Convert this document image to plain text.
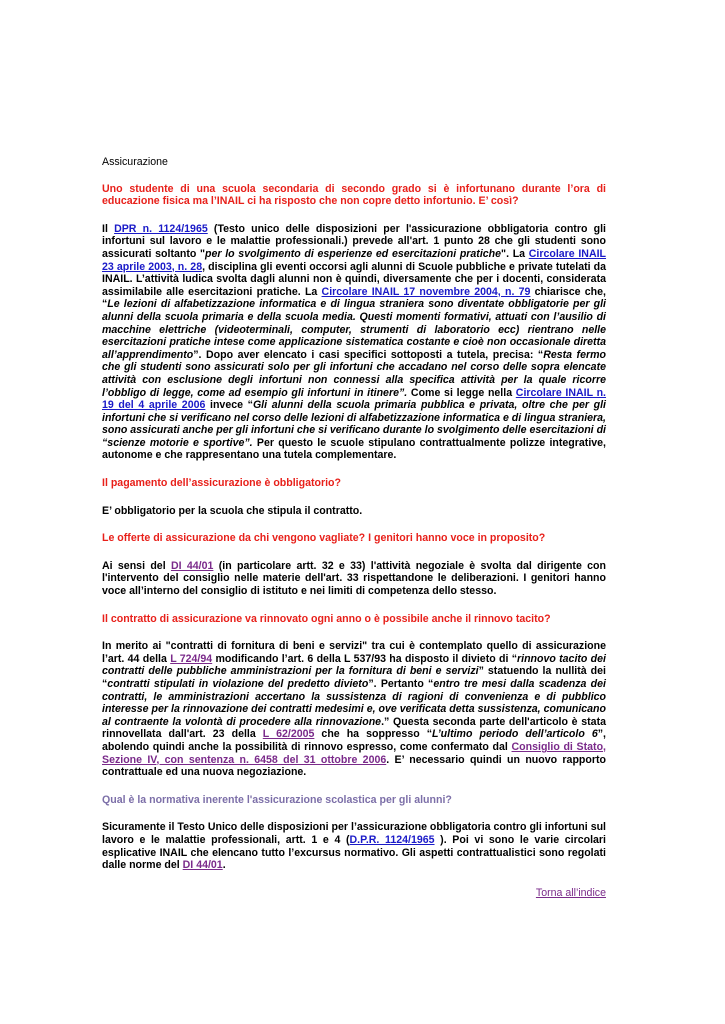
Assicurazione

Uno studente di una scuola secondaria di secondo grado si è infortunano durante l’ora di educazione fisica ma l’INAIL ci ha risposto che non copre detto infortunio. E’ così?

Il DPR n. 1124/1965 (Testo unico delle disposizioni per l'assicurazione obbligatoria contro gli infortuni sul lavoro e le malattie professionali.) prevede all'art. 1 punto 28 che gli studenti sono assicurati soltanto "per lo svolgimento di esperienze ed esercitazioni pratiche". La Circolare INAIL 23 aprile 2003, n. 28, disciplina gli eventi occorsi agli alunni di Scuole pubbliche e private tutelati da INAIL. L’attività ludica svolta dagli alunni non è quindi, diversamente che per i docenti, considerata assimilabile alle esercitazioni pratiche. La Circolare INAIL 17 novembre 2004, n. 79 chiarisce che, “Le lezioni di alfabetizzazione informatica e di lingua straniera sono diventate obbligatorie per gli alunni della scuola primaria e della scuola media. Questi momenti formativi, attuati con l’ausilio di macchine elettriche (videoterminali, computer, strumenti di laboratorio ecc) rientrano nelle esercitazioni pratiche intese come applicazione sistematica costante e cioè non occasionale diretta all’apprendimento”. Dopo aver elencato i casi specifici sottoposti a tutela, precisa: “Resta fermo che gli studenti sono assicurati solo per gli infortuni che accadano nel corso delle sopra elencate attività con esclusione degli infortuni non connessi alla specifica attività per la quale ricorre l’obbligo di legge, come ad esempio gli infortuni in itinere”. Come si legge nella Circolare INAIL n. 19 del 4 aprile 2006 invece “Gli alunni della scuola primaria pubblica e privata, oltre che per gli infortuni che si verificano nel corso delle lezioni di alfabetizzazione informatica e di lingua straniera, sono assicurati anche per gli infortuni che si verificano durante lo svolgimento delle esercitazioni di “scienze motorie e sportive”. Per questo le scuole stipulano contrattualmente polizze integrative, autonome e che rappresentano una tutela complementare.

Il pagamento dell’assicurazione è obbligatorio?

E’ obbligatorio per la scuola che stipula il contratto.

Le offerte di assicurazione da chi vengono vagliate? I genitori hanno voce in proposito?

Ai sensi del DI 44/01 (in particolare artt. 32 e 33) l'attività negoziale è svolta dal dirigente con l'intervento del consiglio nelle materie dell'art. 33 rispettandone le deliberazioni. I genitori hanno voce all’interno del consiglio di istituto e nei limiti di competenza dello stesso.

Il contratto di assicurazione va rinnovato ogni anno o è possibile anche il rinnovo tacito?

In merito ai "contratti di fornitura di beni e servizi" tra cui è contemplato quello di assicurazione l’art. 44 della L 724/94 modificando l’art. 6 della L 537/93 ha disposto il divieto di “rinnovo tacito dei contratti delle pubbliche amministrazioni per la fornitura di beni e servizi” statuendo la nullità dei “contratti stipulati in violazione del predetto divieto”. Pertanto “entro tre mesi dalla scadenza dei contratti, le amministrazioni accertano la sussistenza di ragioni di convenienza e di pubblico interesse per la rinnovazione dei contratti medesimi e, ove verificata detta sussistenza, comunicano al contraente la volontà di procedere alla rinnovazione.” Questa seconda parte dell'articolo è stata rinnovellata dall'art. 23 della L 62/2005 che ha soppresso “L’ultimo periodo dell’articolo 6”, abolendo quindi anche la possibilità di rinnovo espresso, come confermato dal Consiglio di Stato, Sezione IV, con sentenza n. 6458 del 31 ottobre 2006. E’ necessario quindi un nuovo rapporto contrattuale ed una nuova negoziazione.

Qual è la normativa inerente l'assicurazione scolastica per gli alunni?

Sicuramente il Testo Unico delle disposizioni per l’assicurazione obbligatoria contro gli infortuni sul lavoro e le malattie professionali, artt. 1 e 4 (D.P.R. 1124/1965 ). Poi vi sono le varie circolari esplicative INAIL che elencano tutto l’excursus normativo. Gli aspetti contrattualistici sono regolati dalle norme del DI 44/01.

Torna all’indice
